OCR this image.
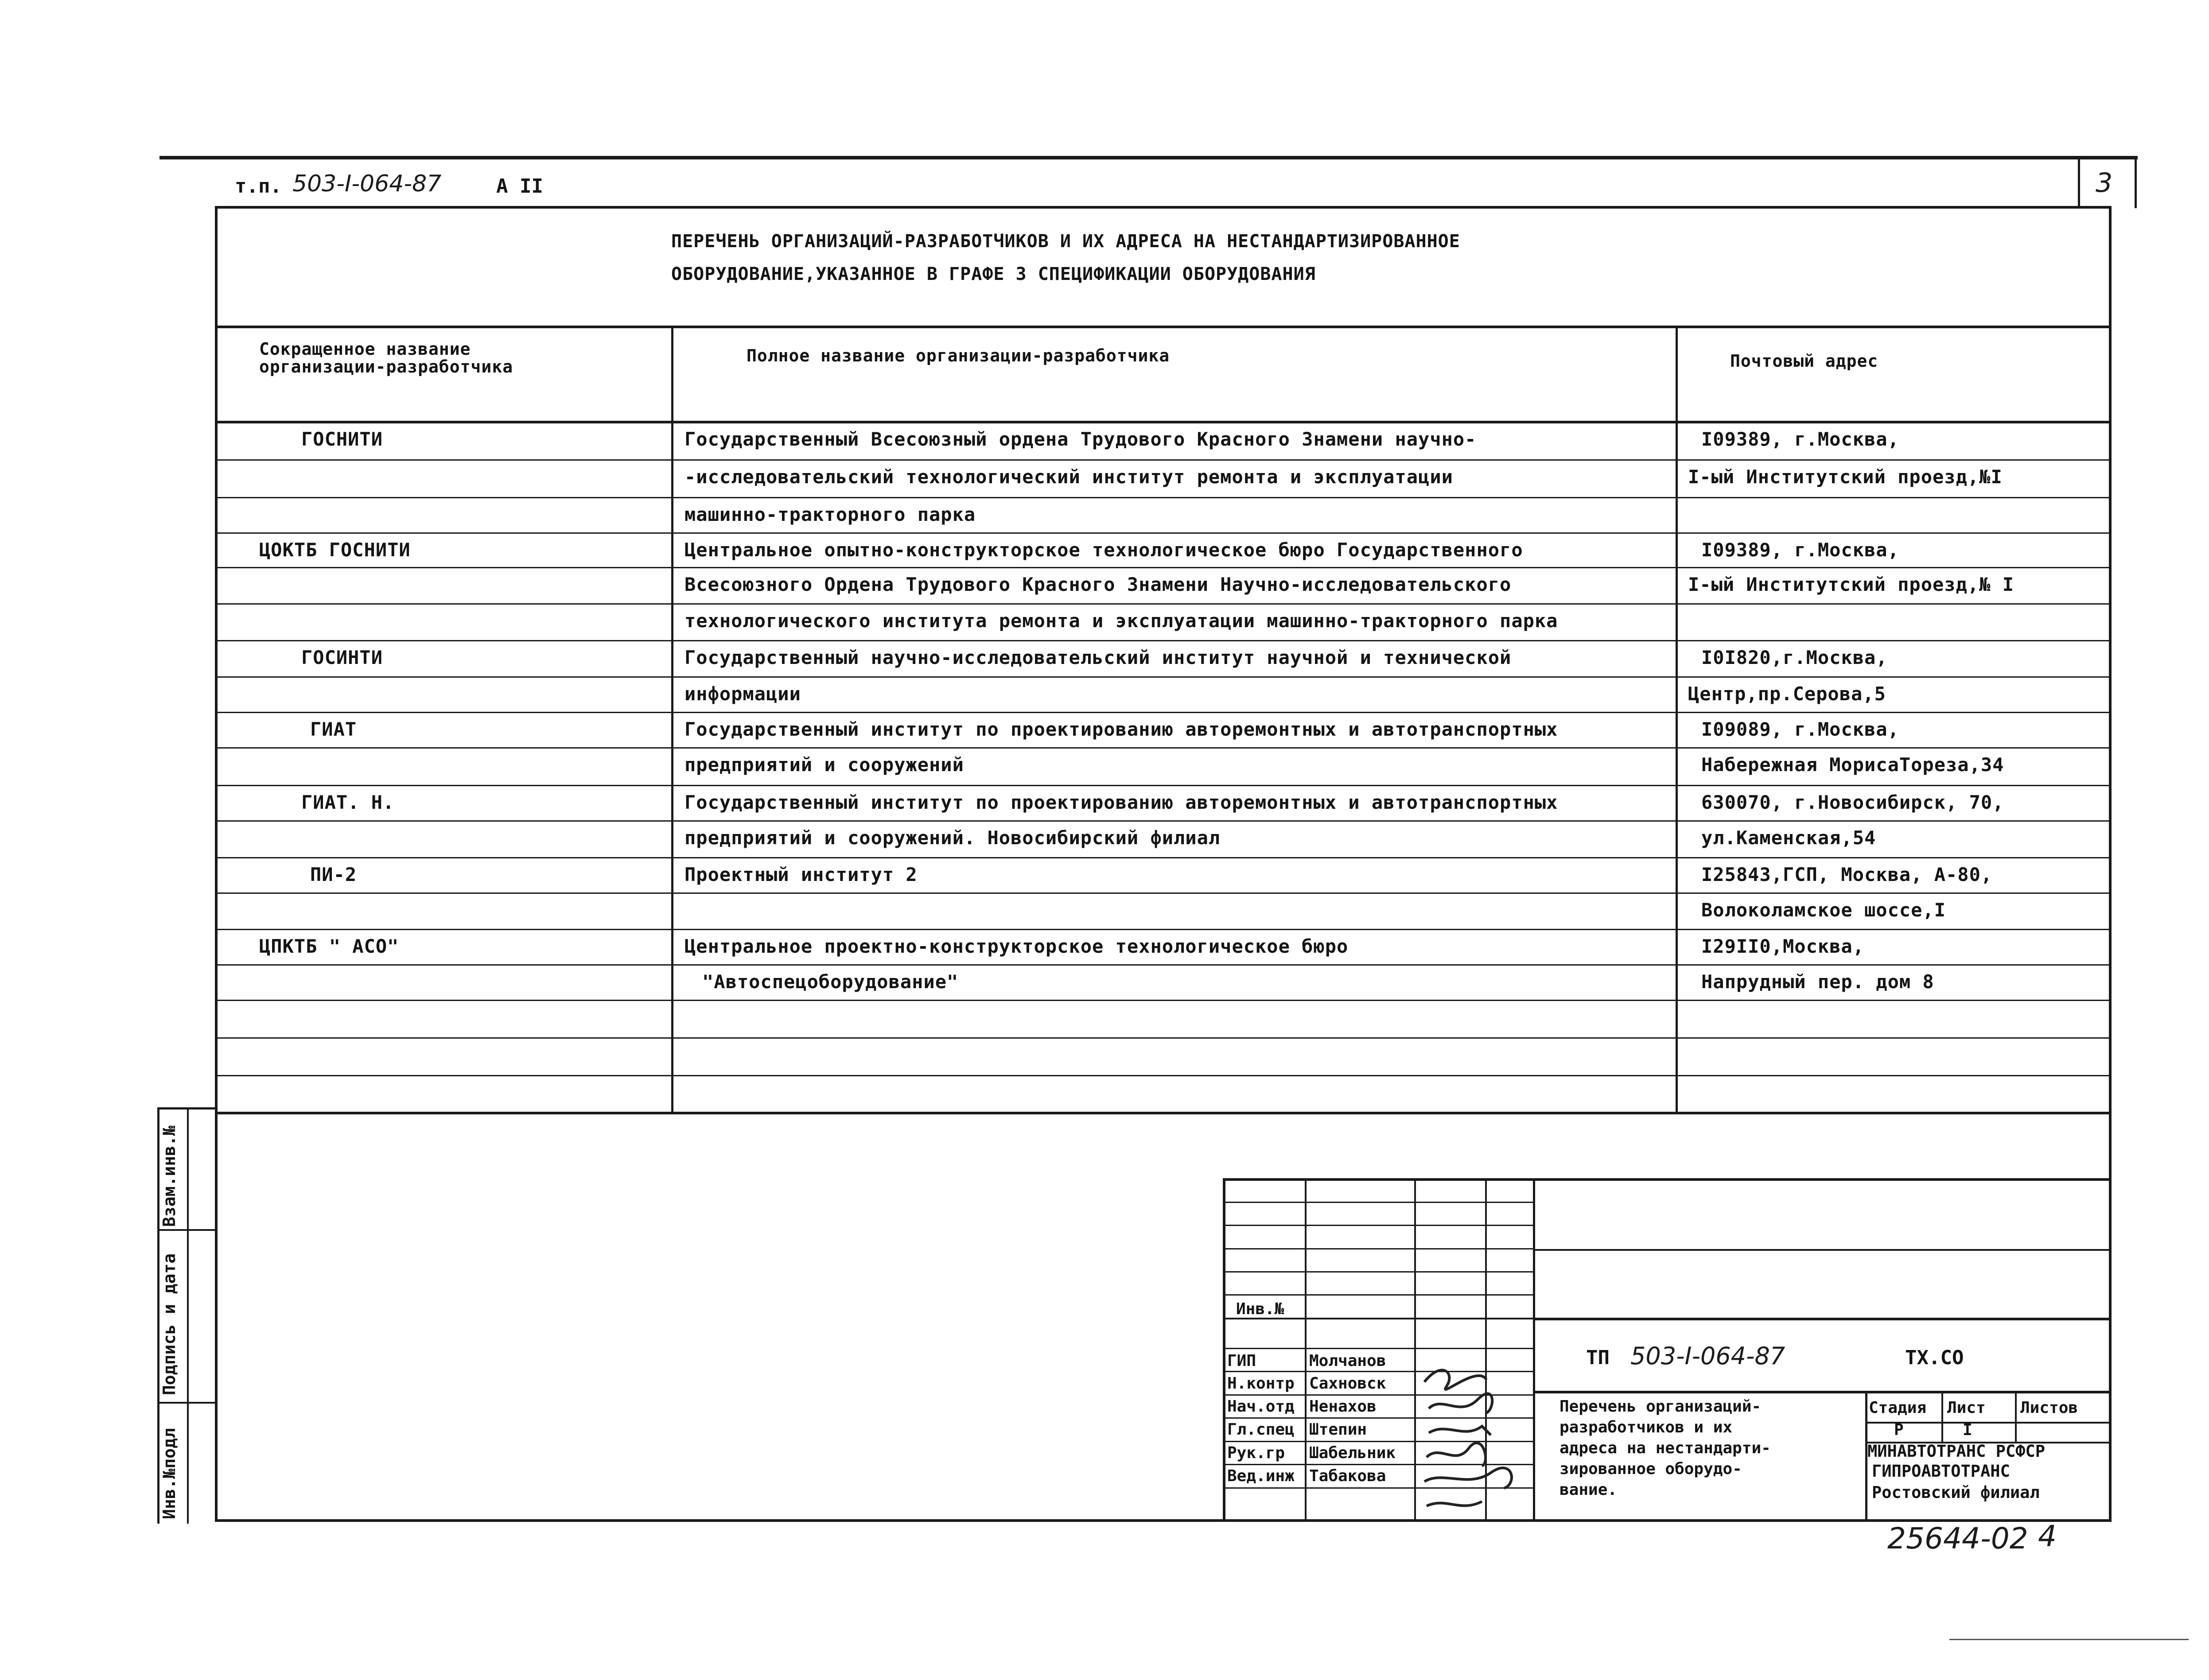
т.п. 503-I-064-87	А II	3
ПЕРЕЧЕНЬ ОРГАНИЗАЦИЙ-РАЗРАБОТЧИКОВ И ИХ АДРЕСА НА НЕСТАНДАРТИЗИРОВАННОЕ
ОБОРУДОВАНИЕ,УКАЗАННОЕ В ГРАФЕ 3 СПЕЦИФИКАЦИИ ОБОРУДОВАНИЯ
Сокращенное название
организации-разработчика
Полное название организации-разработчика	Почтовый адрес
ГОСНИТИ	Государственный Всесоюзный ордена Трудового Красного Знамени научно-	I09389, г.Москва,
-исследовательский технологический институт ремонта и эксплуатации	I-ый Институтский проезд,№I
машинно-тракторного парка
ЦОКТБ ГОСНИТИ	Центральное опытно-конструкторское технологическое бюро Государственного	I09389, г.Москва,
Всесоюзного Ордена Трудового Красного Знамени Научно-исследовательского	I-ый Институтский проезд,№ I
технологического института ремонта и эксплуатации машинно-тракторного парка
ГОСИНТИ	Государственный научно-исследовательский институт научной и технической	I0I820,г.Москва,
информации	Центр,пр.Серова,5
ГИАТ	Государственный институт по проектированию авторемонтных и автотранспортных	I09089, г.Москва,
предприятий и сооружений	Набережная МорисаТореза,34
ГИАТ. Н.	Государственный институт по проектированию авторемонтных и автотранспортных	630070, г.Новосибирск, 70,
предприятий и сооружений. Новосибирский филиал	ул.Каменская,54
ПИ-2	Проектный институт 2	I25843,ГСП, Москва, А-80,
Волоколамское шоссе,I
ЦПКТБ " АСО"	Центральное проектно-конструкторское технологическое бюро	I29II0,Москва,
"Автоспецоборудование"	Напрудный пер. дом 8
Инв.№подл
Подпись и дата
Взам.инв.№
Инв.№
ГИП	Молчанов
Н.контр Сахновск
Нач.отд Ненахов
Гл.спец Штепин
Рук.гр Шабельник
Вед.инж Табакова
ТП 503-I-064-87	ТХ.СО
Перечень организаций-
разработчиков и их
адреса на нестандарти-
зированное оборудо-
вание.
Стадия Лист Листов
Р	I
МИНАВТОТРАНС РСФСР
ГИПРОАВТОТРАНС
Ростовский филиал
25644-02 4
